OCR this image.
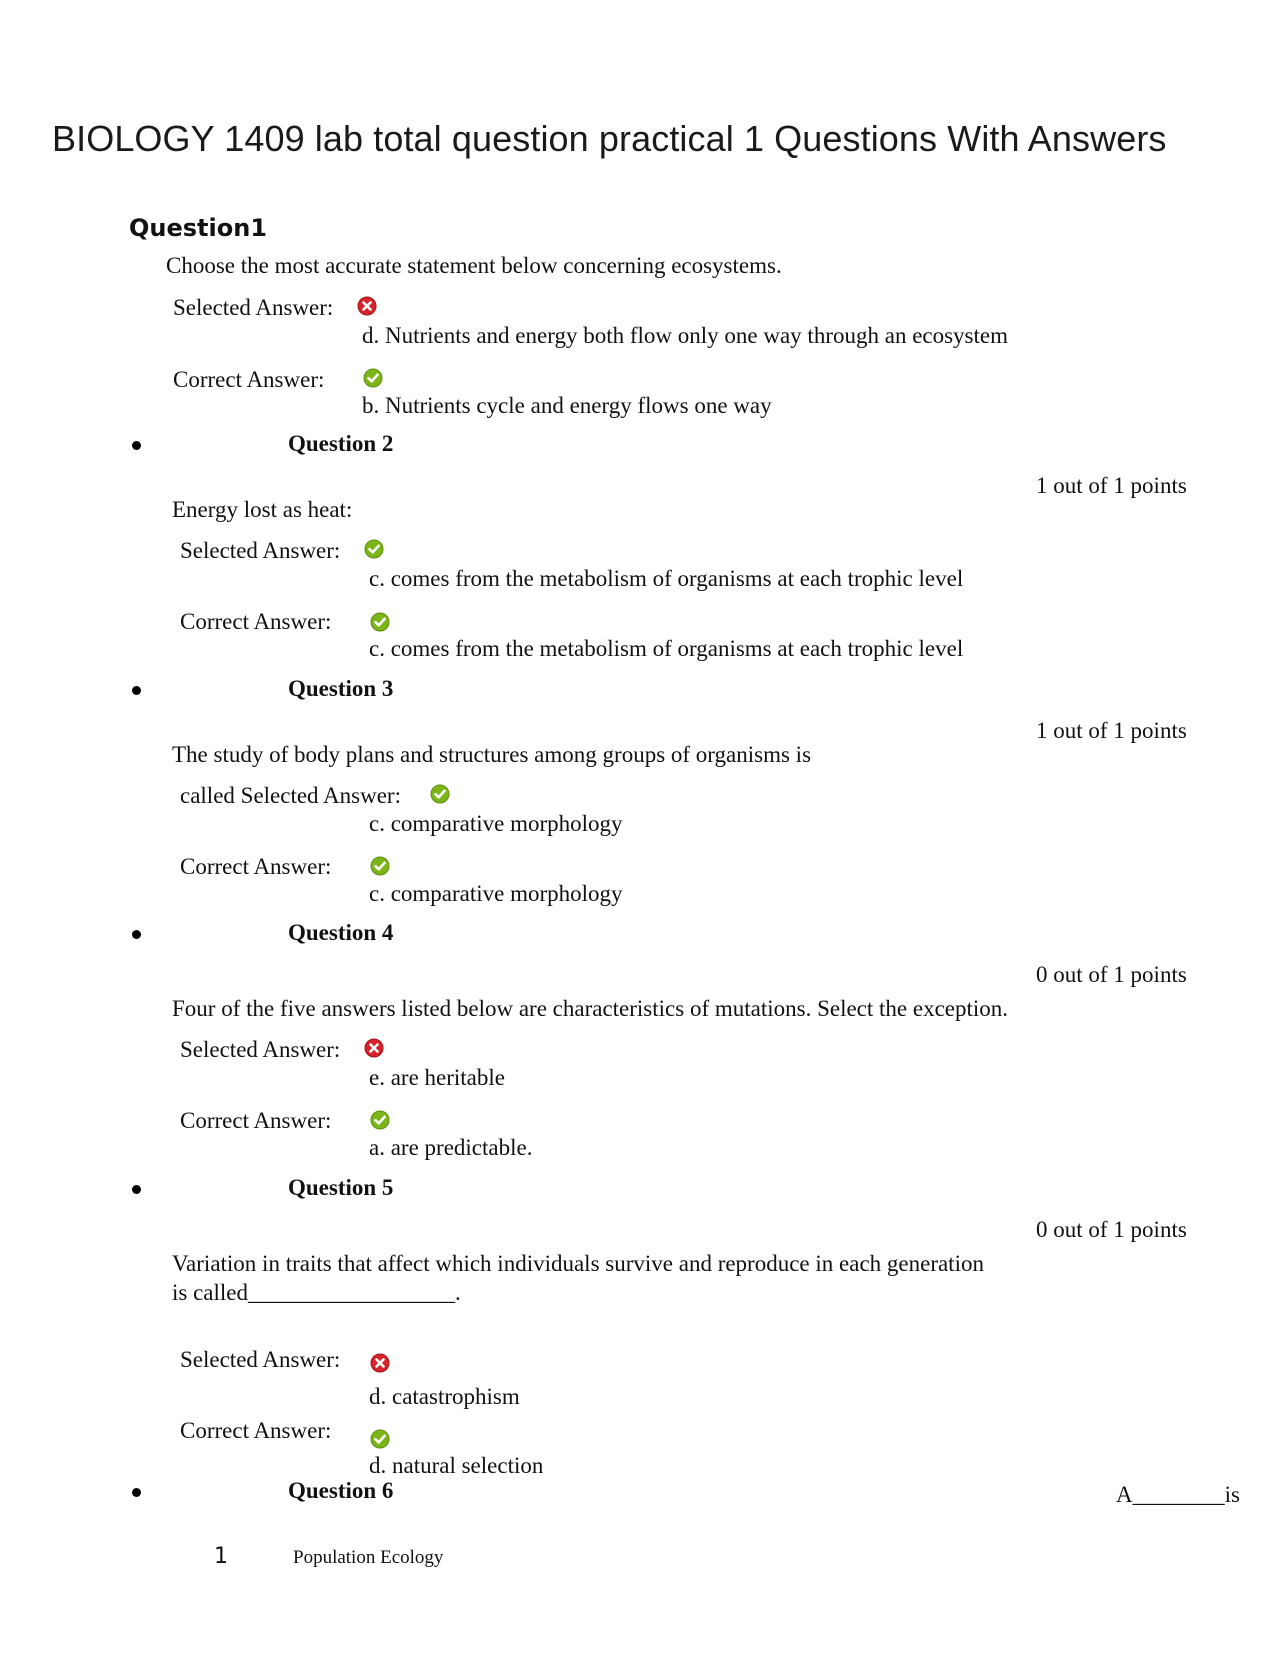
BIOLOGY 1409 lab total question practical 1 Questions With Answers
Question1
Choose the most accurate statement below concerning ecosystems.
Selected Answer:
d. Nutrients and energy both flow only one way through an ecosystem
Correct Answer:
b. Nutrients cycle and energy flows one way
Question 2
1 out of 1 points
Energy lost as heat:
Selected Answer:
c. comes from the metabolism of organisms at each trophic level
Correct Answer:
c. comes from the metabolism of organisms at each trophic level
Question 3
1 out of 1 points
The study of body plans and structures among groups of organisms is
called Selected Answer:
c. comparative morphology
Correct Answer:
c. comparative morphology
Question 4
0 out of 1 points
Four of the five answers listed below are characteristics of mutations. Select the exception.
Selected Answer:
e. are heritable
Correct Answer:
a. are predictable.
Question 5
0 out of 1 points
Variation in traits that affect which individuals survive and reproduce in each generation
is called__________________.
Selected Answer:
d. catastrophism
Correct Answer:
d. natural selection
Question 6	A________is
1	Population Ecology
